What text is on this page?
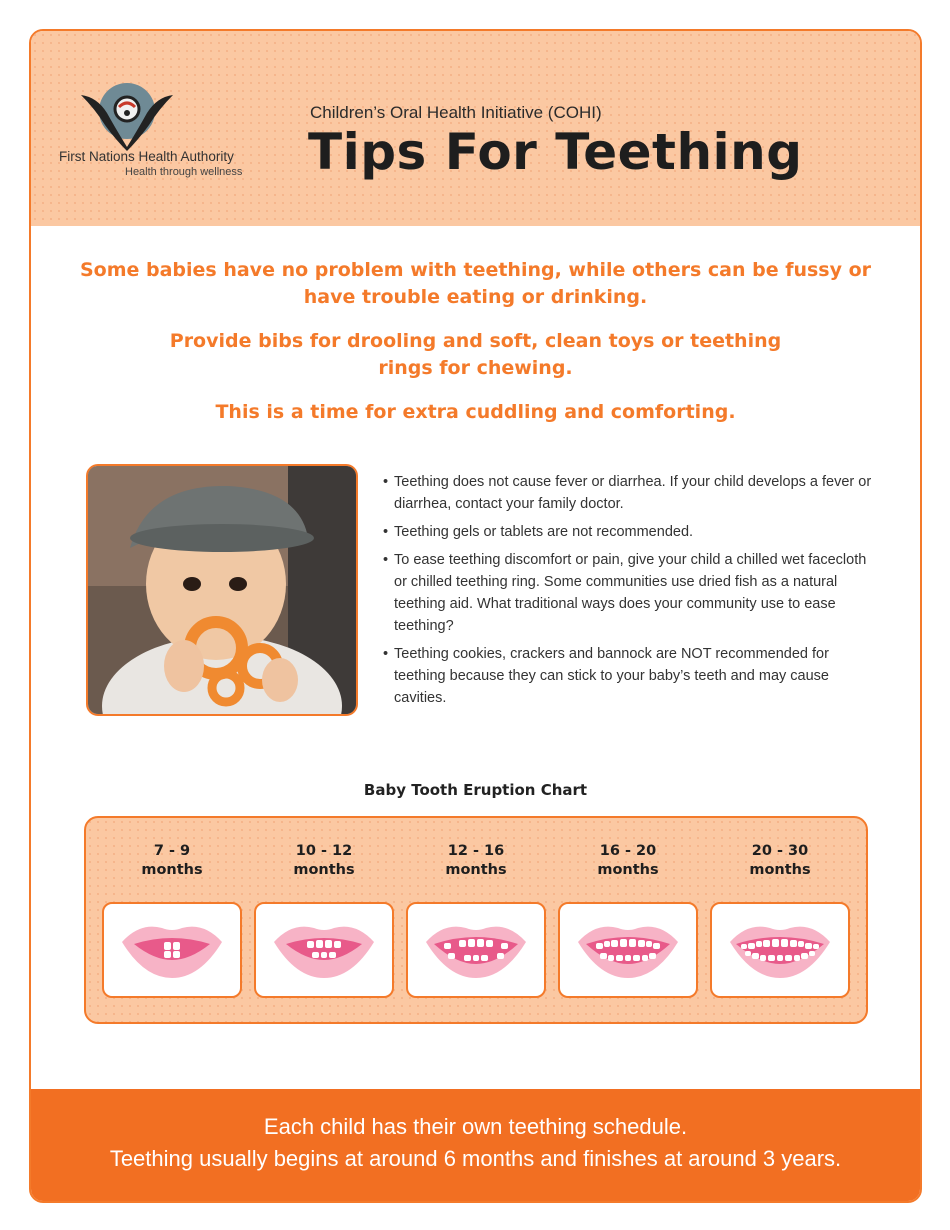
First Nations Health Authority
Health through wellness
Children’s Oral Health Initiative (COHI)
Tips For Teething
Some babies have no problem with teething, while others can be fussy or have trouble eating or drinking.
Provide bibs for drooling and soft, clean toys or teething rings for chewing.
This is a time for extra cuddling and comforting.
• Teething does not cause fever or diarrhea. If your child develops a fever or diarrhea, contact your family doctor.
• Teething gels or tablets are not recommended.
• To ease teething discomfort or pain, give your child a chilled wet facecloth or chilled teething ring. Some communities use dried fish as a natural teething aid. What traditional ways does your community use to ease teething?
• Teething cookies, crackers and bannock are NOT recommended for teething because they can stick to your baby’s teeth and may cause cavities.
Baby Tooth Eruption Chart
7 - 9
months
10 - 12
months
12 - 16
months
16 - 20
months
20 - 30
months
Each child has their own teething schedule.
Teething usually begins at around 6 months and finishes at around 3 years.
